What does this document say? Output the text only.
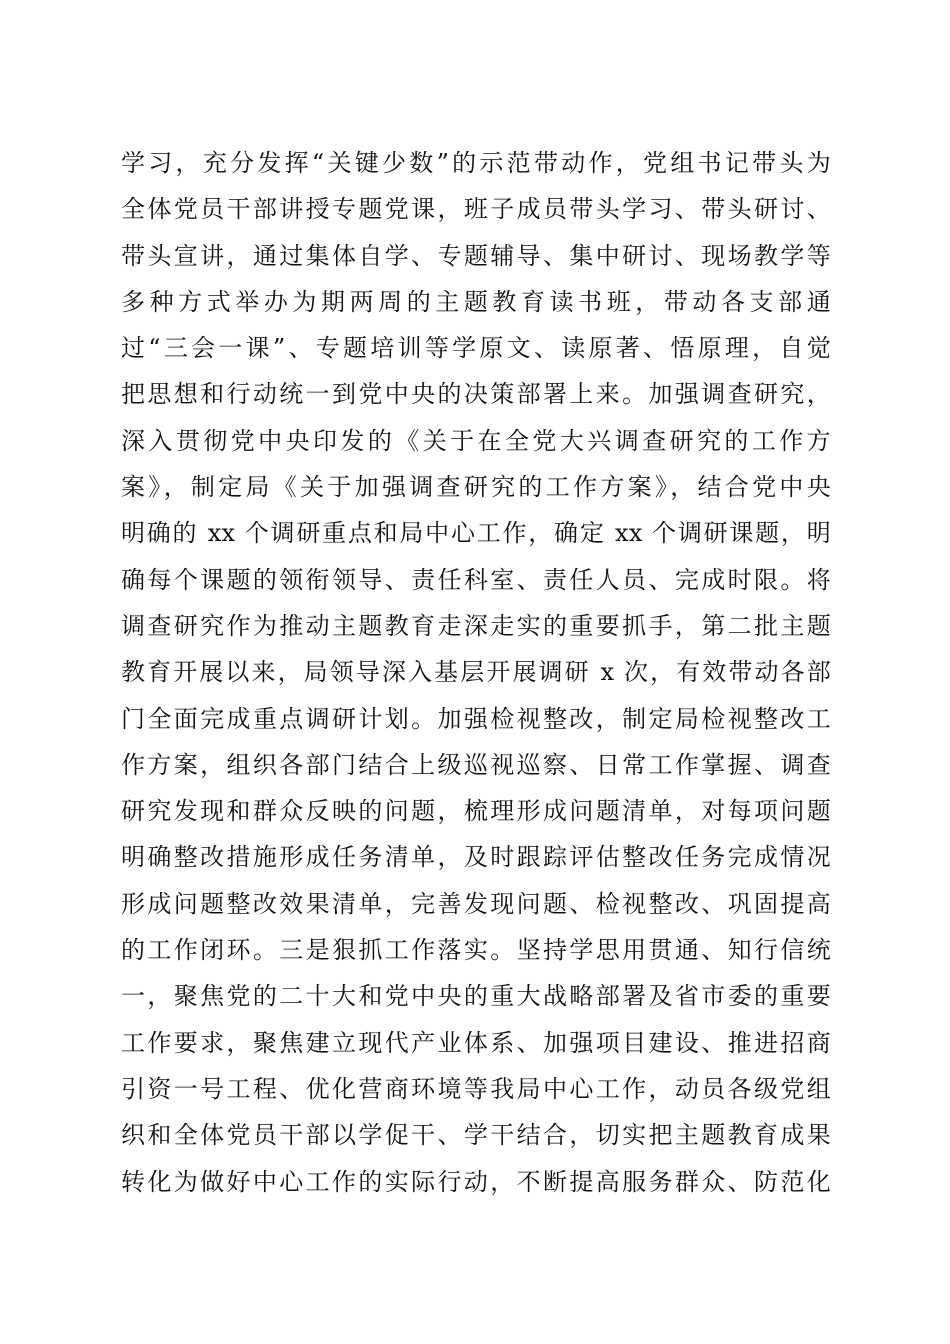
学习，充分发挥“关键少数”的示范带动作，党组书记带头为
全体党员干部讲授专题党课，班子成员带头学习、带头研讨、
带头宣讲，通过集体自学、专题辅导、集中研讨、现场教学等
多种方式举办为期两周的主题教育读书班，带动各支部通
过“三会一课”、专题培训等学原文、读原著、悟原理，自觉
把思想和行动统一到党中央的决策部署上来。加强调查研究，
深入贯彻党中央印发的《关于在全党大兴调查研究的工作方
案》，制定局《关于加强调查研究的工作方案》，结合党中央
明确的 xx 个调研重点和局中心工作，确定 xx 个调研课题，明
确每个课题的领衔领导、责任科室、责任人员、完成时限。将
调查研究作为推动主题教育走深走实的重要抓手，第二批主题
教育开展以来，局领导深入基层开展调研 x 次，有效带动各部
门全面完成重点调研计划。加强检视整改，制定局检视整改工
作方案，组织各部门结合上级巡视巡察、日常工作掌握、调查
研究发现和群众反映的问题，梳理形成问题清单，对每项问题
明确整改措施形成任务清单，及时跟踪评估整改任务完成情况
形成问题整改效果清单，完善发现问题、检视整改、巩固提高
的工作闭环。三是狠抓工作落实。坚持学思用贯通、知行信统
一，聚焦党的二十大和党中央的重大战略部署及省市委的重要
工作要求，聚焦建立现代产业体系、加强项目建设、推进招商
引资一号工程、优化营商环境等我局中心工作，动员各级党组
织和全体党员干部以学促干、学干结合，切实把主题教育成果
转化为做好中心工作的实际行动，不断提高服务群众、防范化
